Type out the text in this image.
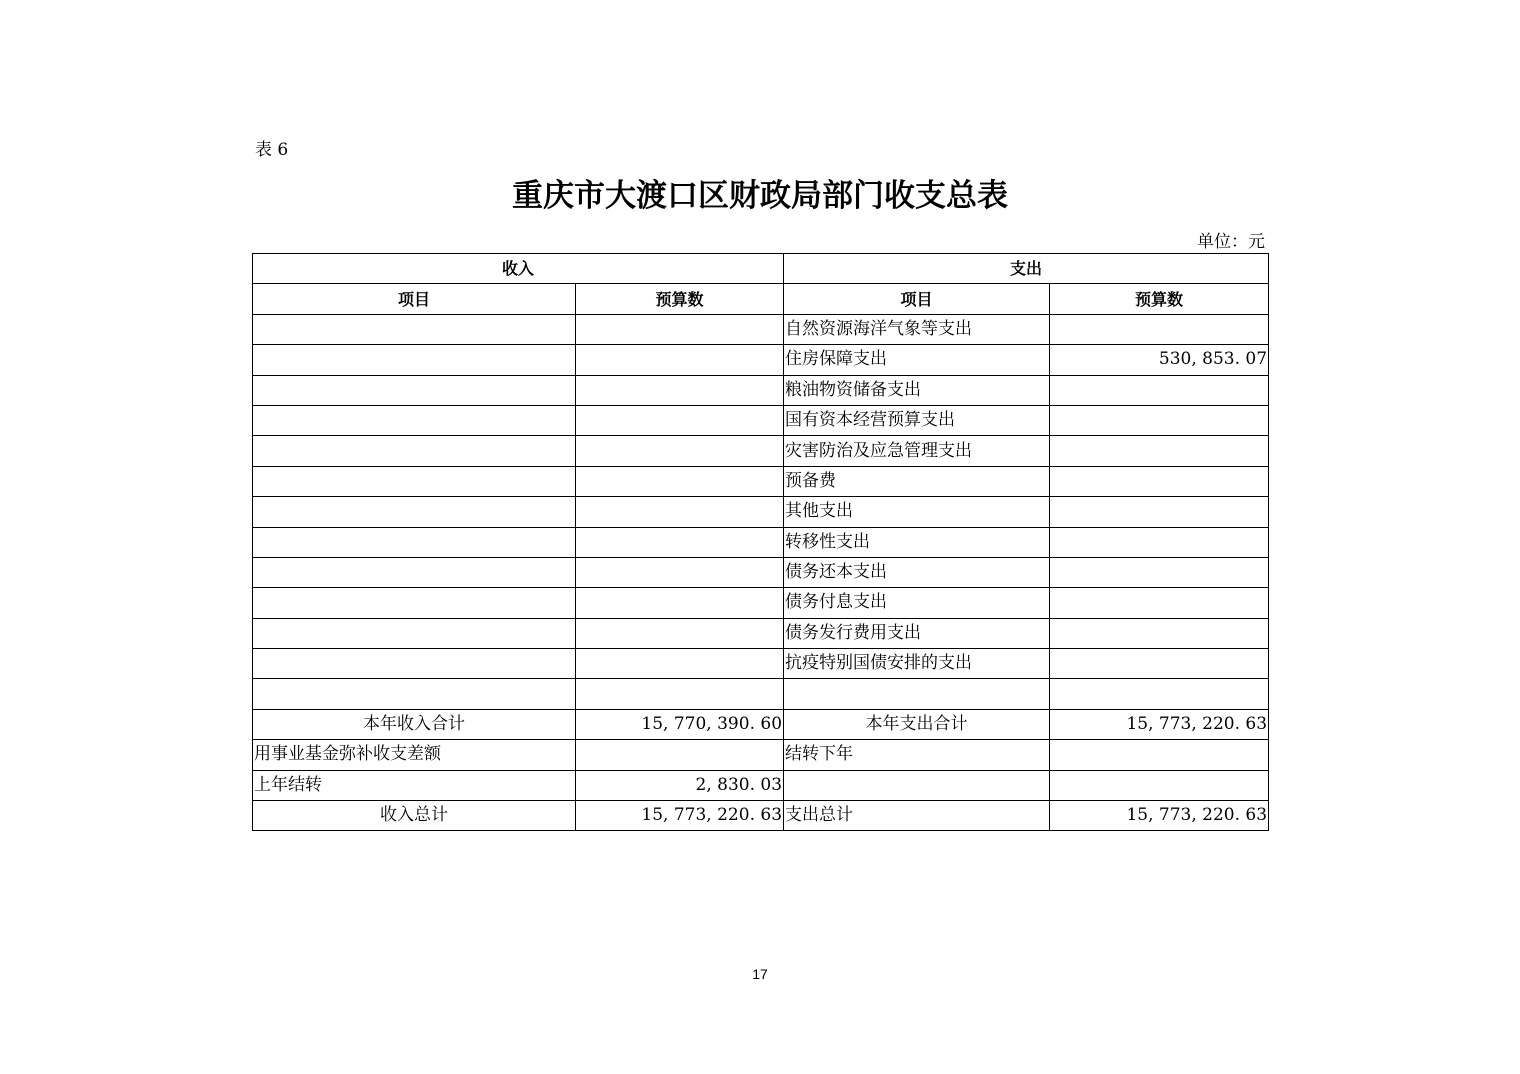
表 6
重庆市大渡口区财政局部门收支总表
单位：元
收入		支出	
项目	预算数	项目	预算数
		自然资源海洋气象等支出	
		住房保障支出	530, 853. 07
		粮油物资储备支出	
		国有资本经营预算支出	
		灾害防治及应急管理支出	
		预备费	
		其他支出	
		转移性支出	
		债务还本支出	
		债务付息支出	
		债务发行费用支出	
		抗疫特别国债安排的支出	

本年收入合计	15, 770, 390. 60	本年支出合计	15, 773, 220. 63
用事业基金弥补收支差额		结转下年	
上年结转	2, 830. 03		
收入总计	15, 773, 220. 63	支出总计	15, 773, 220. 63
17
